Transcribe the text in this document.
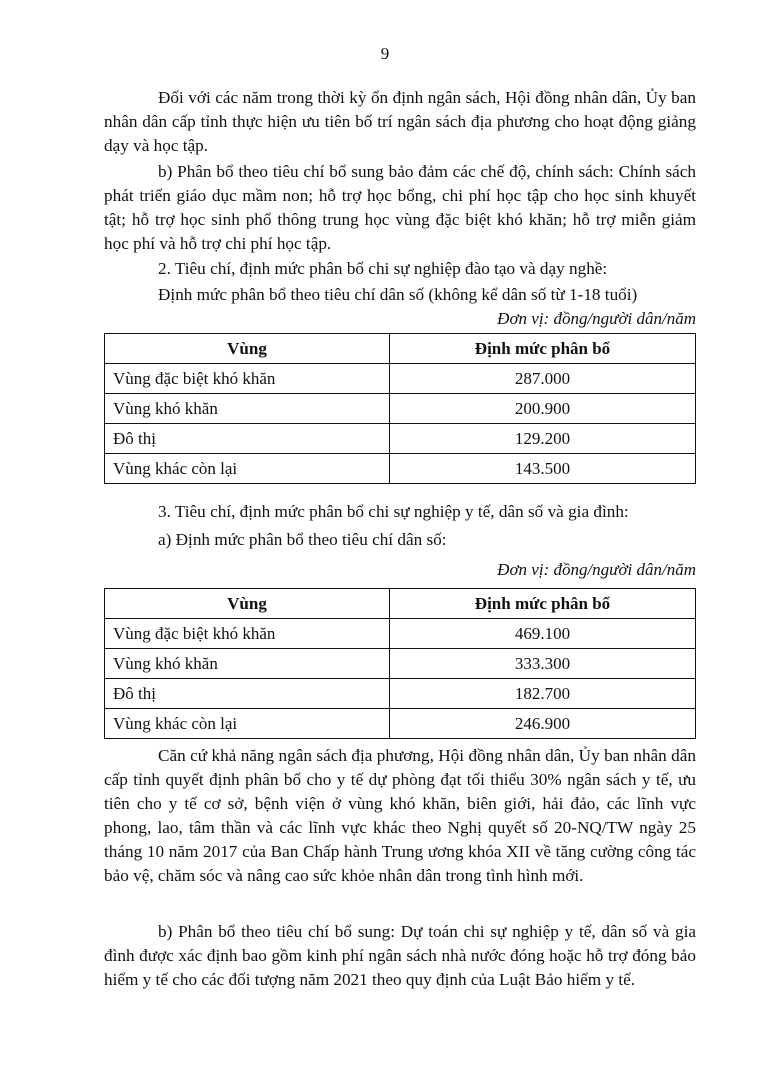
9

Đối với các năm trong thời kỳ ổn định ngân sách, Hội đồng nhân dân, Ủy ban nhân dân cấp tỉnh thực hiện ưu tiên bố trí ngân sách địa phương cho hoạt động giảng dạy và học tập.

b) Phân bổ theo tiêu chí bổ sung bảo đảm các chế độ, chính sách: Chính sách phát triển giáo dục mầm non; hỗ trợ học bổng, chi phí học tập cho học sinh khuyết tật; hỗ trợ học sinh phổ thông trung học vùng đặc biệt khó khăn; hỗ trợ miễn giảm học phí và hỗ trợ chi phí học tập.

2. Tiêu chí, định mức phân bổ chi sự nghiệp đào tạo và dạy nghề:

Định mức phân bổ theo tiêu chí dân số (không kể dân số từ 1-18 tuổi)

Đơn vị: đồng/người dân/năm
Vùng	Định mức phân bổ
Vùng đặc biệt khó khăn	287.000
Vùng khó khăn	200.900
Đô thị	129.200
Vùng khác còn lại	143.500

3. Tiêu chí, định mức phân bổ chi sự nghiệp y tế, dân số và gia đình:

a) Định mức phân bổ theo tiêu chí dân số:

Đơn vị: đồng/người dân/năm
Vùng	Định mức phân bổ
Vùng đặc biệt khó khăn	469.100
Vùng khó khăn	333.300
Đô thị	182.700
Vùng khác còn lại	246.900

Căn cứ khả năng ngân sách địa phương, Hội đồng nhân dân, Ủy ban nhân dân cấp tỉnh quyết định phân bổ cho y tế dự phòng đạt tối thiểu 30% ngân sách y tế, ưu tiên cho y tế cơ sở, bệnh viện ở vùng khó khăn, biên giới, hải đảo, các lĩnh vực phong, lao, tâm thần và các lĩnh vực khác theo Nghị quyết số 20-NQ/TW ngày 25 tháng 10 năm 2017 của Ban Chấp hành Trung ương khóa XII về tăng cường công tác bảo vệ, chăm sóc và nâng cao sức khỏe nhân dân trong tình hình mới.

b) Phân bổ theo tiêu chí bổ sung: Dự toán chi sự nghiệp y tế, dân số và gia đình được xác định bao gồm kinh phí ngân sách nhà nước đóng hoặc hỗ trợ đóng bảo hiểm y tế cho các đối tượng năm 2021 theo quy định của Luật Bảo hiểm y tế.
